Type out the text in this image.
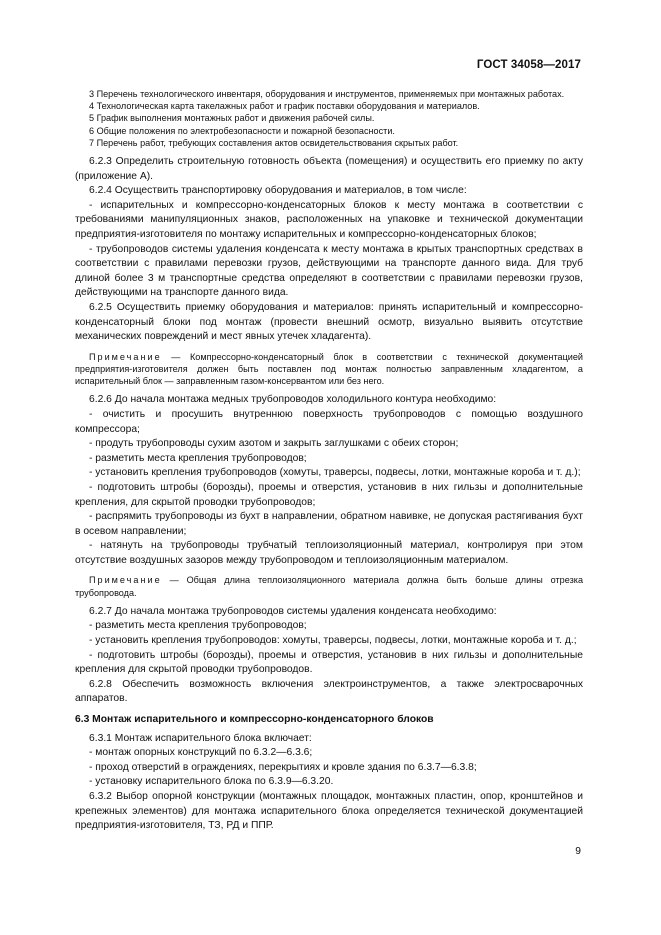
ГОСТ 34058—2017
3 Перечень технологического инвентаря, оборудования и инструментов, применяемых при монтажных работах.
4 Технологическая карта такелажных работ и график поставки оборудования и материалов.
5 График выполнения монтажных работ и движения рабочей силы.
6 Общие положения по электробезопасности и пожарной безопасности.
7 Перечень работ, требующих составления актов освидетельствования скрытых работ.

6.2.3 Определить строительную готовность объекта (помещения) и осуществить его приемку по акту (приложение А).

6.2.4 Осуществить транспортировку оборудования и материалов, в том числе:

- испарительных и компрессорно-конденсаторных блоков к месту монтажа в соответствии с требованиями манипуляционных знаков, расположенных на упаковке и технической документации предприятия-изготовителя по монтажу испарительных и компрессорно-конденсаторных блоков;

- трубопроводов системы удаления конденсата к месту монтажа в крытых транспортных средствах в соответствии с правилами перевозки грузов, действующими на транспорте данного вида. Для труб длиной более 3 м транспортные средства определяют в соответствии с правилами перевозки грузов, действующими на транспорте данного вида.

6.2.5 Осуществить приемку оборудования и материалов: принять испарительный и компрессорно-конденсаторный блоки под монтаж (провести внешний осмотр, визуально выявить отсутствие механических повреждений и мест явных утечек хладагента).

Примечание — Компрессорно-конденсаторный блок в соответствии с технической документацией предприятия-изготовителя должен быть поставлен под монтаж полностью заправленным хладагентом, а испарительный блок — заправленным газом-консервантом или без него.

6.2.6 До начала монтажа медных трубопроводов холодильного контура необходимо:

- очистить и просушить внутреннюю поверхность трубопроводов с помощью воздушного компрессора;

- продуть трубопроводы сухим азотом и закрыть заглушками с обеих сторон;

- разметить места крепления трубопроводов;

- установить крепления трубопроводов (хомуты, траверсы, подвесы, лотки, монтажные короба и т. д.);

- подготовить штробы (борозды), проемы и отверстия, установив в них гильзы и дополнительные крепления, для скрытой проводки трубопроводов;

- распрямить трубопроводы из бухт в направлении, обратном навивке, не допуская растягивания бухт в осевом направлении;

- натянуть на трубопроводы трубчатый теплоизоляционный материал, контролируя при этом отсутствие воздушных зазоров между трубопроводом и теплоизоляционным материалом.

Примечание — Общая длина теплоизоляционного материала должна быть больше длины отрезка трубопровода.

6.2.7 До начала монтажа трубопроводов системы удаления конденсата необходимо:

- разметить места крепления трубопроводов;

- установить крепления трубопроводов: хомуты, траверсы, подвесы, лотки, монтажные короба и т. д.;

- подготовить штробы (борозды), проемы и отверстия, установив в них гильзы и дополнительные крепления для скрытой проводки трубопроводов.

6.2.8 Обеспечить возможность включения электроинструментов, а также электросварочных аппаратов.

6.3 Монтаж испарительного и компрессорно-конденсаторного блоков

6.3.1 Монтаж испарительного блока включает:

- монтаж опорных конструкций по 6.3.2—6.3.6;

- проход отверстий в ограждениях, перекрытиях и кровле здания по 6.3.7—6.3.8;

- установку испарительного блока по 6.3.9—6.3.20.

6.3.2 Выбор опорной конструкции (монтажных площадок, монтажных пластин, опор, кронштейнов и крепежных элементов) для монтажа испарительного блока определяется технической документацией предприятия-изготовителя, ТЗ, РД и ППР.

9
